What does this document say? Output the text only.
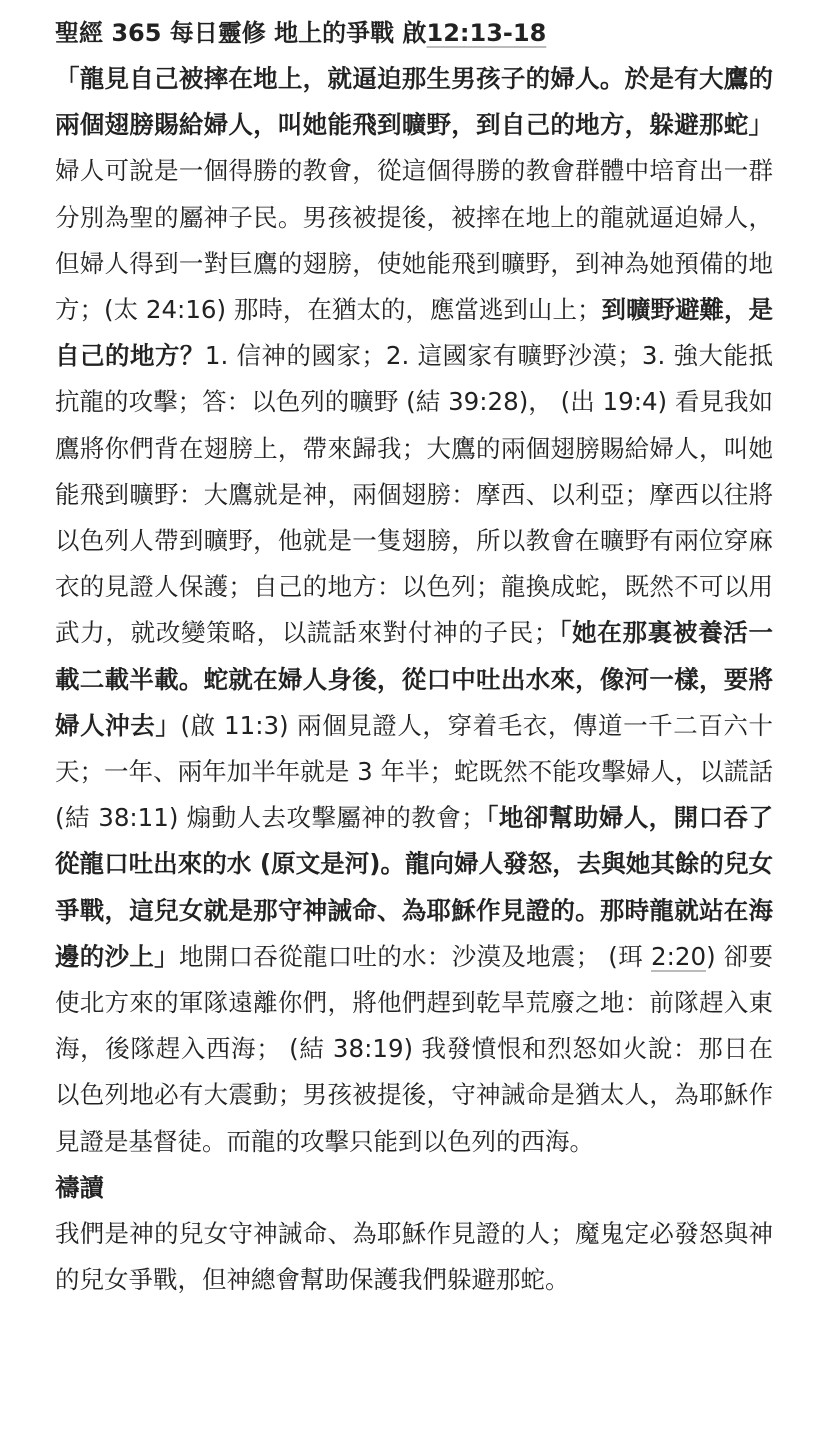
聖經 365 每日靈修 地上的爭戰 啟12:13-18

「龍見自己被摔在地上，就逼迫那生男孩子的婦人。於是有大鷹的兩個翅膀賜給婦人，叫她能飛到曠野，到自己的地方，躲避那蛇」婦人可說是一個得勝的教會，從這個得勝的教會群體中培育出一群分別為聖的屬神子民。男孩被提後，被摔在地上的龍就逼迫婦人，但婦人得到一對巨鷹的翅膀，使她能飛到曠野，到神為她預備的地方；(太 24:16) 那時，在猶太的，應當逃到山上；到曠野避難，是自己的地方？1. 信神的國家；2. 這國家有曠野沙漠；3. 強大能抵抗龍的攻擊；答：以色列的曠野 (結 39:28)， (出 19:4) 看見我如鷹將你們背在翅膀上，帶來歸我；大鷹的兩個翅膀賜給婦人，叫她能飛到曠野：大鷹就是神，兩個翅膀：摩西、以利亞；摩西以往將以色列人帶到曠野，他就是一隻翅膀，所以教會在曠野有兩位穿麻衣的見證人保護；自己的地方：以色列；龍換成蛇，既然不可以用武力，就改變策略，以謊話來對付神的子民；「她在那裏被養活一載二載半載。蛇就在婦人身後，從口中吐出水來，像河一樣，要將婦人沖去」(啟 11:3) 兩個見證人，穿着毛衣，傳道一千二百六十天；一年、兩年加半年就是 3 年半；蛇既然不能攻擊婦人，以謊話 (結 38:11) 煽動人去攻擊屬神的教會；「地卻幫助婦人，開口吞了從龍口吐出來的水 (原文是河)。龍向婦人發怒，去與她其餘的兒女爭戰，這兒女就是那守神誡命、為耶穌作見證的。那時龍就站在海邊的沙上」地開口吞從龍口吐的水：沙漠及地震； (珥 2:20) 卻要使北方來的軍隊遠離你們，將他們趕到乾旱荒廢之地：前隊趕入東海，後隊趕入西海； (結 38:19) 我發憤恨和烈怒如火說：那日在以色列地必有大震動；男孩被提後，守神誡命是猶太人，為耶穌作見證是基督徒。而龍的攻擊只能到以色列的西海。

禱讀

我們是神的兒女守神誡命、為耶穌作見證的人；魔鬼定必發怒與神的兒女爭戰，但神總會幫助保護我們躲避那蛇。
